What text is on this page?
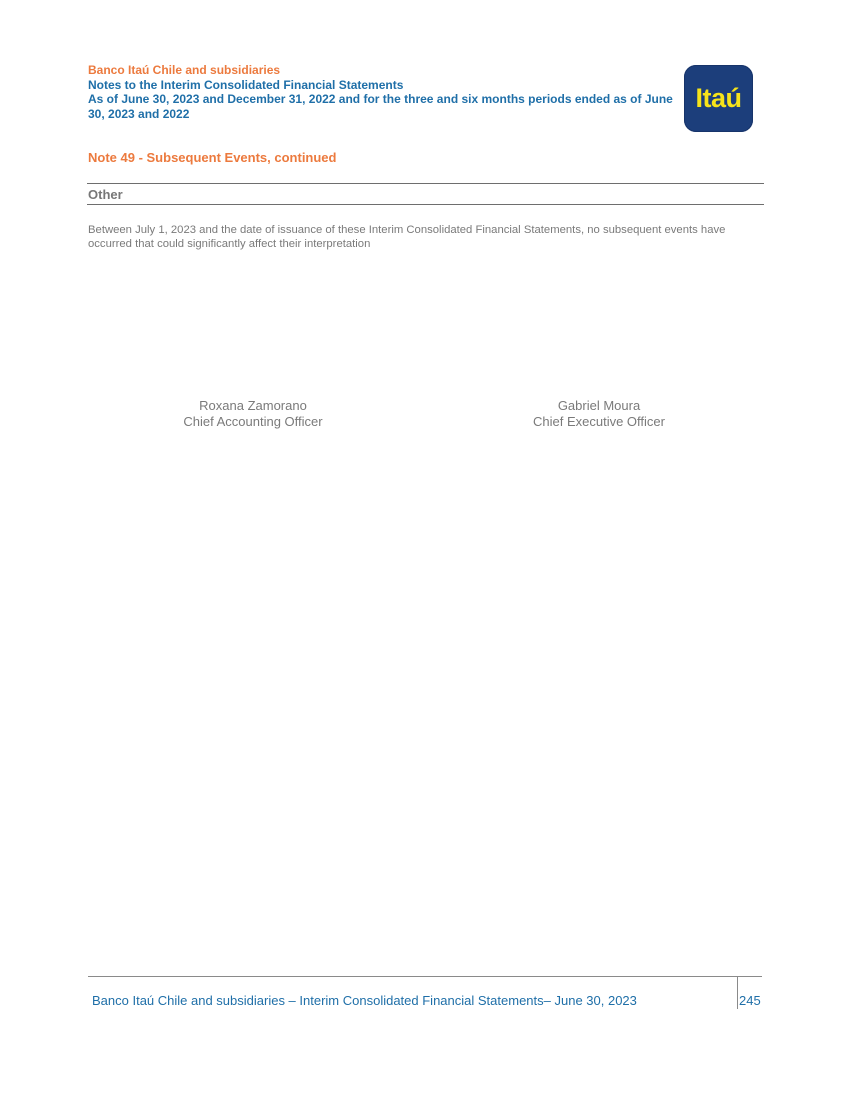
Banco Itaú Chile and subsidiaries
Notes to the Interim Consolidated Financial Statements
As of June 30, 2023 and December 31, 2022 and for the three and six months periods ended as of June 30, 2023 and 2022
Itaú
Note 49 - Subsequent Events, continued
Other
Between July 1, 2023 and the date of issuance of these Interim Consolidated Financial Statements, no subsequent events have occurred that could significantly affect their interpretation
Roxana Zamorano
Chief Accounting Officer
Gabriel Moura
Chief Executive Officer
Banco Itaú Chile and subsidiaries – Interim Consolidated Financial Statements– June 30, 2023	245
